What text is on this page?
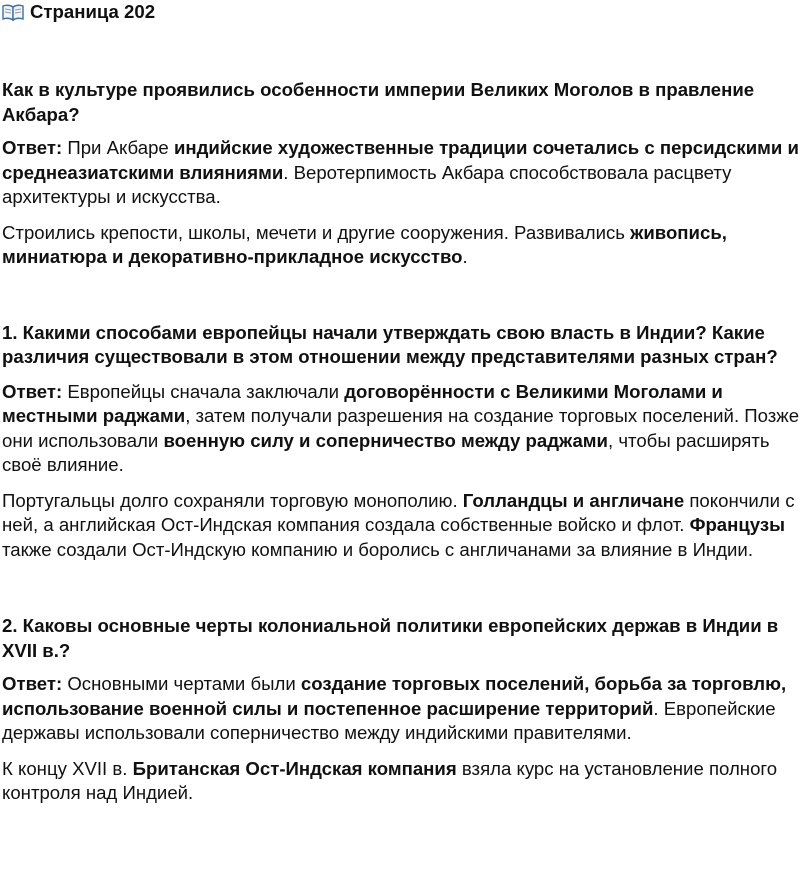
Страница 202

Как в культуре проявились особенности империи Великих Моголов в правление Акбара?

Ответ: При Акбаре индийские художественные традиции сочетались с персидскими и среднеазиатскими влияниями. Веротерпимость Акбара способствовала расцвету архитектуры и искусства.

Строились крепости, школы, мечети и другие сооружения. Развивались живопись, миниатюра и декоративно-прикладное искусство.

1. Какими способами европейцы начали утверждать свою власть в Индии? Какие различия существовали в этом отношении между представителями разных стран?

Ответ: Европейцы сначала заключали договорённости с Великими Моголами и местными раджами, затем получали разрешения на создание торговых поселений. Позже они использовали военную силу и соперничество между раджами, чтобы расширять своё влияние.

Португальцы долго сохраняли торговую монополию. Голландцы и англичане покончили с ней, а английская Ост-Индская компания создала собственные войско и флот. Французы также создали Ост-Индскую компанию и боролись с англичанами за влияние в Индии.

2. Каковы основные черты колониальной политики европейских держав в Индии в XVII в.?

Ответ: Основными чертами были создание торговых поселений, борьба за торговлю, использование военной силы и постепенное расширение территорий. Европейские державы использовали соперничество между индийскими правителями.

К концу XVII в. Британская Ост-Индская компания взяла курс на установление полного контроля над Индией.
